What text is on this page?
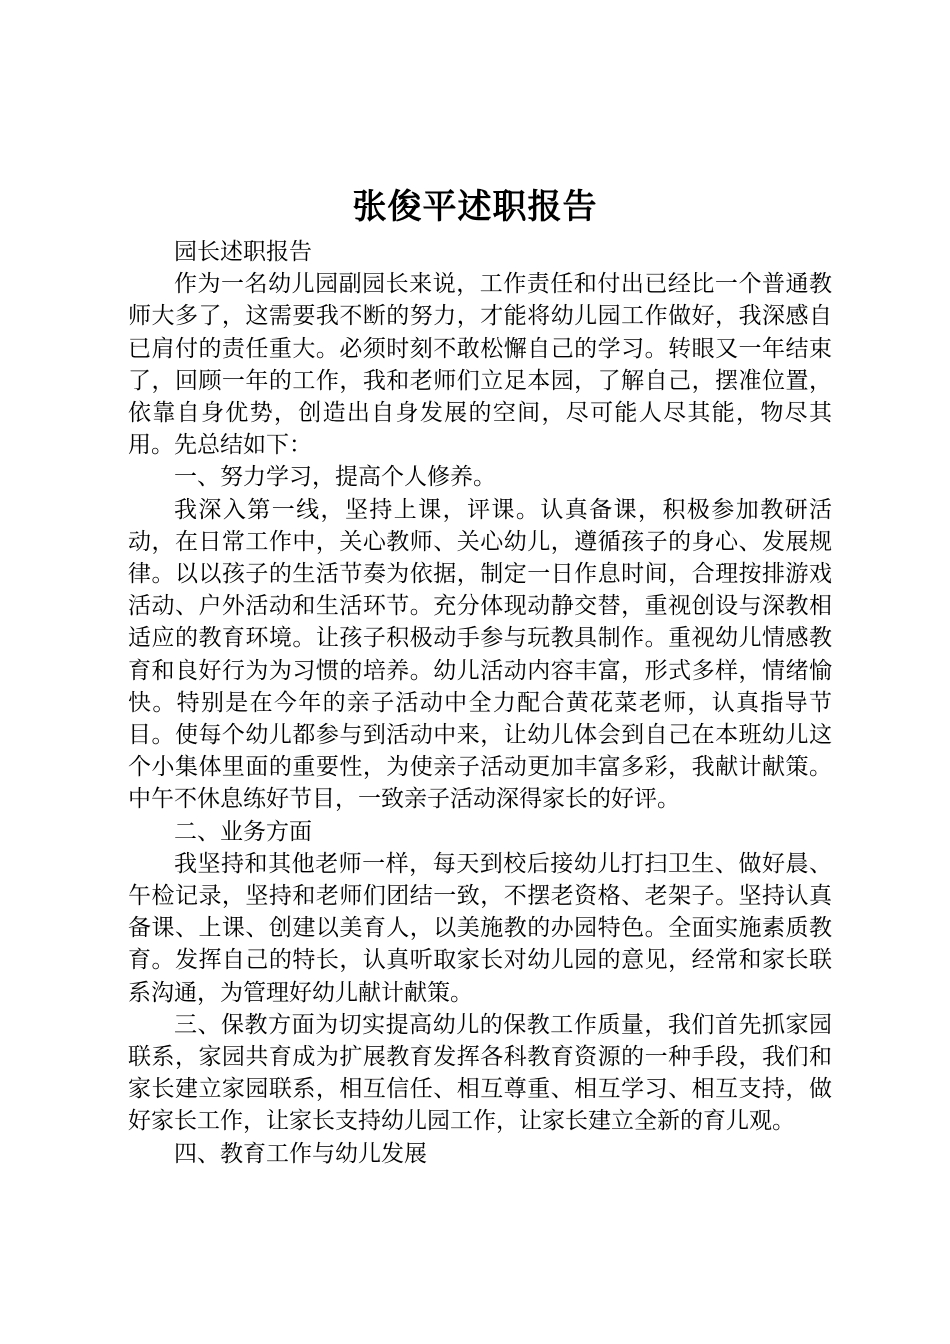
张俊平述职报告

园长述职报告

作为一名幼儿园副园长来说，工作责任和付出已经比一个普通教师大多了，这需要我不断的努力，才能将幼儿园工作做好，我深感自已肩付的责任重大。必须时刻不敢松懈自己的学习。转眼又一年结束了，回顾一年的工作，我和老师们立足本园，了解自己，摆准位置，依靠自身优势，创造出自身发展的空间，尽可能人尽其能，物尽其用。先总结如下：

一、努力学习，提高个人修养。

我深入第一线，坚持上课，评课。认真备课，积极参加教研活动，在日常工作中，关心教师、关心幼儿，遵循孩子的身心、发展规律。以以孩子的生活节奏为依据，制定一日作息时间，合理按排游戏活动、户外活动和生活环节。充分体现动静交替，重视创设与深教相适应的教育环境。让孩子积极动手参与玩教具制作。重视幼儿情感教育和良好行为为习惯的培养。幼儿活动内容丰富，形式多样，情绪愉快。特别是在今年的亲子活动中全力配合黄花菜老师，认真指导节目。使每个幼儿都参与到活动中来，让幼儿体会到自己在本班幼儿这个小集体里面的重要性，为使亲子活动更加丰富多彩，我献计献策。中午不休息练好节目，一致亲子活动深得家长的好评。

二、业务方面

我坚持和其他老师一样，每天到校后接幼儿打扫卫生、做好晨、午检记录，坚持和老师们团结一致，不摆老资格、老架子。坚持认真备课、上课、创建以美育人，以美施教的办园特色。全面实施素质教育。发挥自己的特长，认真听取家长对幼儿园的意见，经常和家长联系沟通，为管理好幼儿献计献策。

三、保教方面为切实提高幼儿的保教工作质量，我们首先抓家园联系，家园共育成为扩展教育发挥各科教育资源的一种手段，我们和家长建立家园联系，相互信任、相互尊重、相互学习、相互支持，做好家长工作，让家长支持幼儿园工作，让家长建立全新的育儿观。

四、教育工作与幼儿发展
